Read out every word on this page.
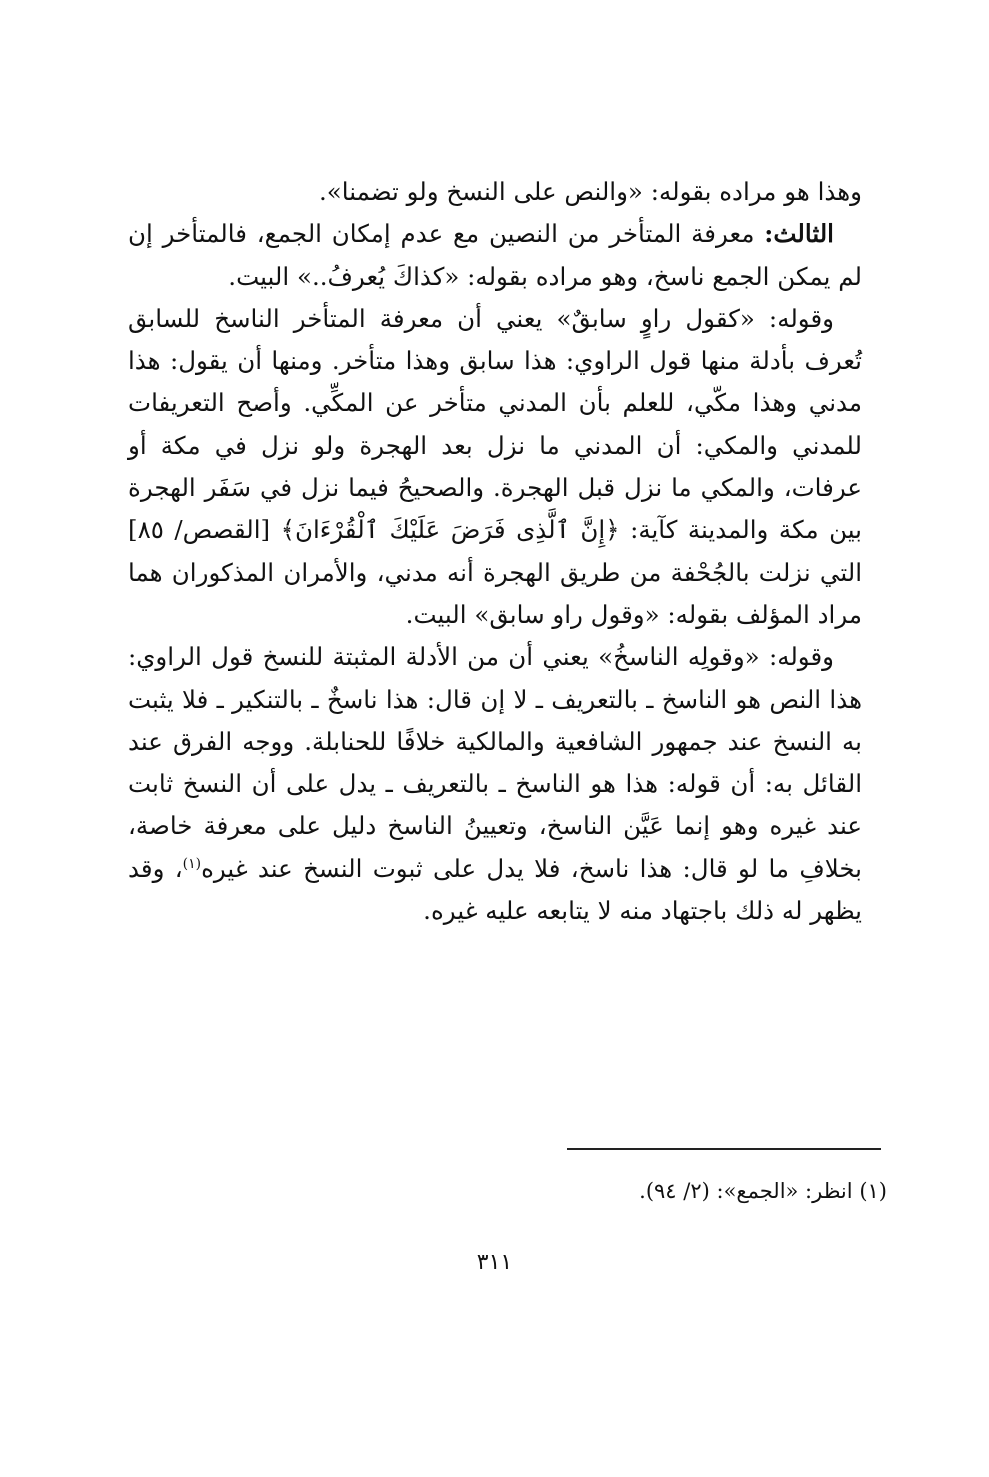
وهذا هو مراده بقوله: «والنص على النسخ ولو تضمنا».

الثالث: معرفة المتأخر من النصين مع عدم إمكان الجمع، فالمتأخر إن لم يمكن الجمع ناسخ، وهو مراده بقوله: «كذاكَ يُعرفُ..» البيت.

وقوله: «كقول راوٍ سابقٌ» يعني أن معرفة المتأخر الناسخ للسابق تُعرف بأدلة منها قول الراوي: هذا سابق وهذا متأخر. ومنها أن يقول: هذا مدني وهذا مكّي، للعلم بأن المدني متأخر عن المكِّي. وأصح التعريفات للمدني والمكي: أن المدني ما نزل بعد الهجرة ولو نزل في مكة أو عرفات، والمكي ما نزل قبل الهجرة. والصحيحُ فيما نزل في سَفَر الهجرة بين مكة والمدينة كآية: ﴿إِنَّ ٱلَّذِى فَرَضَ عَلَيْكَ ٱلْقُرْءَانَ﴾ [القصص/ ٨٥] التي نزلت بالجُحْفة من طريق الهجرة أنه مدني، والأمران المذكوران هما مراد المؤلف بقوله: «وقول راو سابق» البيت.

وقوله: «وقولِه الناسخُ» يعني أن من الأدلة المثبتة للنسخ قول الراوي: هذا النص هو الناسخ ـ بالتعريف ـ لا إن قال: هذا ناسخٌ ـ بالتنكير ـ فلا يثبت به النسخ عند جمهور الشافعية والمالكية خلافًا للحنابلة. ووجه الفرق عند القائل به: أن قوله: هذا هو الناسخ ـ بالتعريف ـ يدل على أن النسخ ثابت عند غيره وهو إنما عَيَّن الناسخ، وتعيينُ الناسخ دليل على معرفة خاصة، بخلافِ ما لو قال: هذا ناسخ، فلا يدل على ثبوت النسخ عند غيره$^{(١)}$، وقد يظهر له ذلك باجتهاد منه لا يتابعه عليه غيره.

(١) انظر: «الجمع»: (٢/ ٩٤).
٣١١
